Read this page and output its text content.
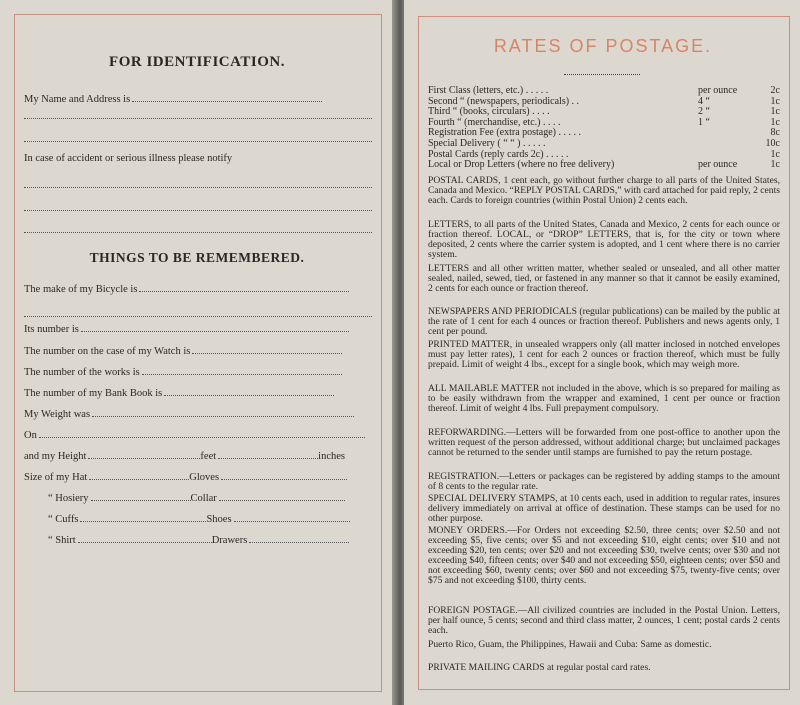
FOR IDENTIFICATION.
My Name and Address is
In case of accident or serious illness please notify
THINGS TO BE REMEMBERED.
The make of my Bicycle is
Its number is
The number on the case of my Watch is
The number of the works is
The number of my Bank Book is
My Weight was
On
and my Height	feet	inches
Size of my Hat	Gloves
“ Hosiery	Collar
“ Cuffs	Shoes
“ Shirt	Drawers
RATES OF POSTAGE.
First Class (letters, etc.) . . . . .	per ounce	2c
Second “ (newspapers, periodicals) . .	4 “	1c
Third “ (books, circulars) . . . .	2 “	1c
Fourth “ (merchandise, etc.) . . . .	1 “	1c
Registration Fee (extra postage) . . . . .	8c
Special Delivery ( “ “ ) . . . . .	10c
Postal Cards (reply cards 2c) . . . . .	1c
Local or Drop Letters (where no free delivery)	per ounce	1c
POSTAL CARDS, 1 cent each, go without further charge to all parts of the United States, Canada and Mexico. “REPLY POSTAL CARDS,” with card attached for paid reply, 2 cents each. Cards to foreign countries (within Postal Union) 2 cents each.
LETTERS, to all parts of the United States, Canada and Mexico, 2 cents for each ounce or fraction thereof. LOCAL, or “DROP” LETTERS, that is, for the city or town where deposited, 2 cents where the carrier system is adopted, and 1 cent where there is no carrier system.
LETTERS and all other written matter, whether sealed or unsealed, and all other matter sealed, nailed, sewed, tied, or fastened in any manner so that it cannot be easily examined, 2 cents for each ounce or fraction thereof.
NEWSPAPERS AND PERIODICALS (regular publications) can be mailed by the public at the rate of 1 cent for each 4 ounces or fraction thereof. Publishers and news agents only, 1 cent per pound.
PRINTED MATTER, in unsealed wrappers only (all matter inclosed in notched envelopes must pay letter rates), 1 cent for each 2 ounces or fraction thereof, which must be fully prepaid. Limit of weight 4 lbs., except for a single book, which may weigh more.
ALL MAILABLE MATTER not included in the above, which is so prepared for mailing as to be easily withdrawn from the wrapper and examined, 1 cent per ounce or fraction thereof. Limit of weight 4 lbs. Full prepayment compulsory.
REFORWARDING.—Letters will be forwarded from one post-office to another upon the written request of the person addressed, without additional charge; but unclaimed packages cannot be returned to the sender until stamps are furnished to pay the return postage.
REGISTRATION.—Letters or packages can be registered by adding stamps to the amount of 8 cents to the regular rate.
SPECIAL DELIVERY STAMPS, at 10 cents each, used in addition to regular rates, insures delivery immediately on arrival at office of destination. These stamps can be used for no other purpose.
MONEY ORDERS.—For Orders not exceeding $2.50, three cents; over $2.50 and not exceeding $5, five cents; over $5 and not exceeding $10, eight cents; over $10 and not exceeding $20, ten cents; over $20 and not exceeding $30, twelve cents; over $30 and not exceeding $40, fifteen cents; over $40 and not exceeding $50, eighteen cents; over $50 and not exceeding $60, twenty cents; over $60 and not exceeding $75, twenty-five cents; over $75 and not exceeding $100, thirty cents.
FOREIGN POSTAGE.—All civilized countries are included in the Postal Union. Letters, per half ounce, 5 cents; second and third class matter, 2 ounces, 1 cent; postal cards 2 cents each.
Puerto Rico, Guam, the Philippines, Hawaii and Cuba: Same as domestic.
PRIVATE MAILING CARDS at regular postal card rates.
